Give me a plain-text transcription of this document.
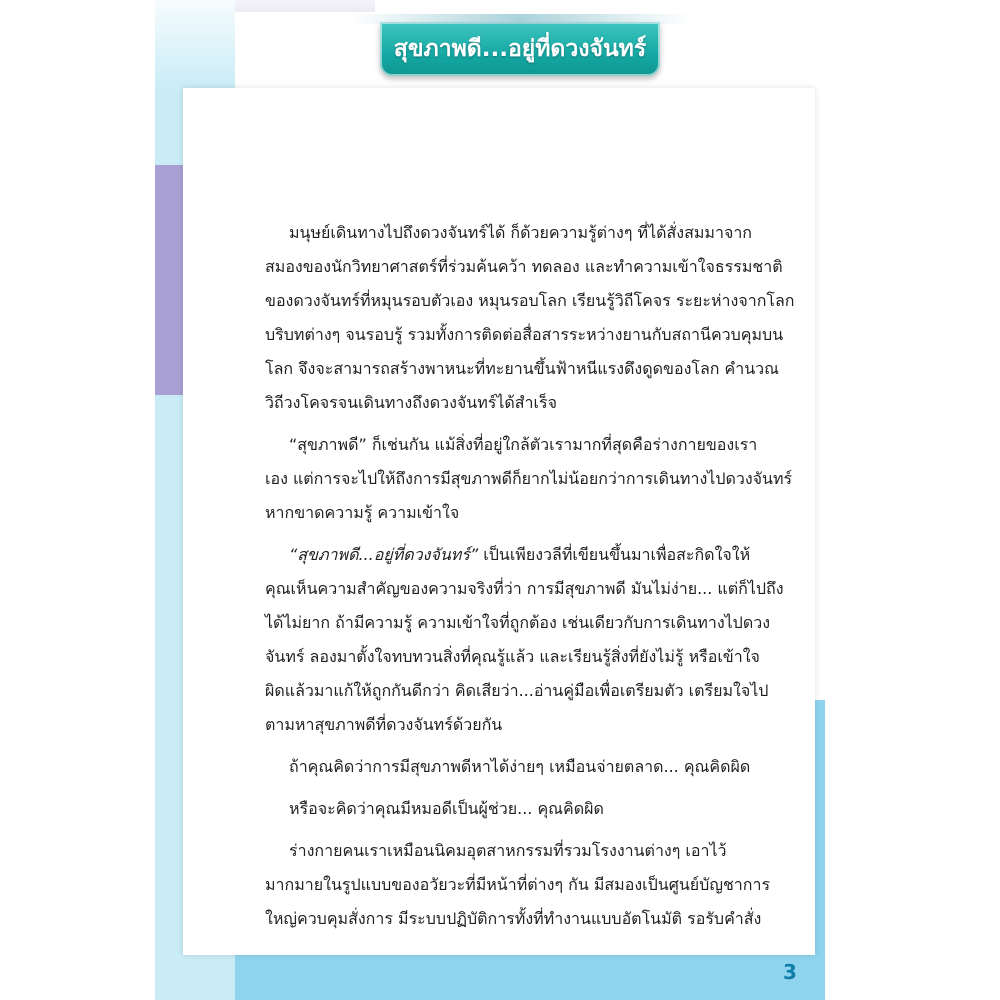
สุขภาพดี...อยู่ที่ดวงจันทร์

มนุษย์เดินทางไปถึงดวงจันทร์ได้ ก็ด้วยความรู้ต่างๆ ที่ได้สั่งสมมาจาก
สมองของนักวิทยาศาสตร์ที่ร่วมค้นคว้า ทดลอง และทำความเข้าใจธรรมชาติ
ของดวงจันทร์ที่หมุนรอบตัวเอง หมุนรอบโลก เรียนรู้วิถีโคจร ระยะห่างจากโลก
บริบทต่างๆ จนรอบรู้ รวมทั้งการติดต่อสื่อสารระหว่างยานกับสถานีควบคุมบน
โลก จึงจะสามารถสร้างพาหนะที่ทะยานขึ้นฟ้าหนีแรงดึงดูดของโลก คำนวณ
วิถีวงโคจรจนเดินทางถึงดวงจันทร์ได้สำเร็จ

“สุขภาพดี” ก็เช่นกัน แม้สิ่งที่อยู่ใกล้ตัวเรามากที่สุดคือร่างกายของเรา
เอง แต่การจะไปให้ถึงการมีสุขภาพดีก็ยากไม่น้อยกว่าการเดินทางไปดวงจันทร์
หากขาดความรู้ ความเข้าใจ

“สุขภาพดี...อยู่ที่ดวงจันทร์” เป็นเพียงวลีที่เขียนขึ้นมาเพื่อสะกิดใจให้
คุณเห็นความสำคัญของความจริงที่ว่า การมีสุขภาพดี มันไม่ง่าย... แต่ก็ไปถึง
ได้ไม่ยาก ถ้ามีความรู้ ความเข้าใจที่ถูกต้อง เช่นเดียวกับการเดินทางไปดวง
จันทร์ ลองมาตั้งใจทบทวนสิ่งที่คุณรู้แล้ว และเรียนรู้สิ่งที่ยังไม่รู้ หรือเข้าใจ
ผิดแล้วมาแก้ให้ถูกกันดีกว่า คิดเสียว่า...อ่านคู่มือเพื่อเตรียมตัว เตรียมใจไป
ตามหาสุขภาพดีที่ดวงจันทร์ด้วยกัน

ถ้าคุณคิดว่าการมีสุขภาพดีหาได้ง่ายๆ เหมือนจ่ายตลาด... คุณคิดผิด

หรือจะคิดว่าคุณมีหมอดีเป็นผู้ช่วย... คุณคิดผิด

ร่างกายคนเราเหมือนนิคมอุตสาหกรรมที่รวมโรงงานต่างๆ เอาไว้
มากมายในรูปแบบของอวัยวะที่มีหน้าที่ต่างๆ กัน มีสมองเป็นศูนย์บัญชาการ
ใหญ่ควบคุมสั่งการ มีระบบปฏิบัติการทั้งที่ทำงานแบบอัตโนมัติ รอรับคำสั่ง

3
